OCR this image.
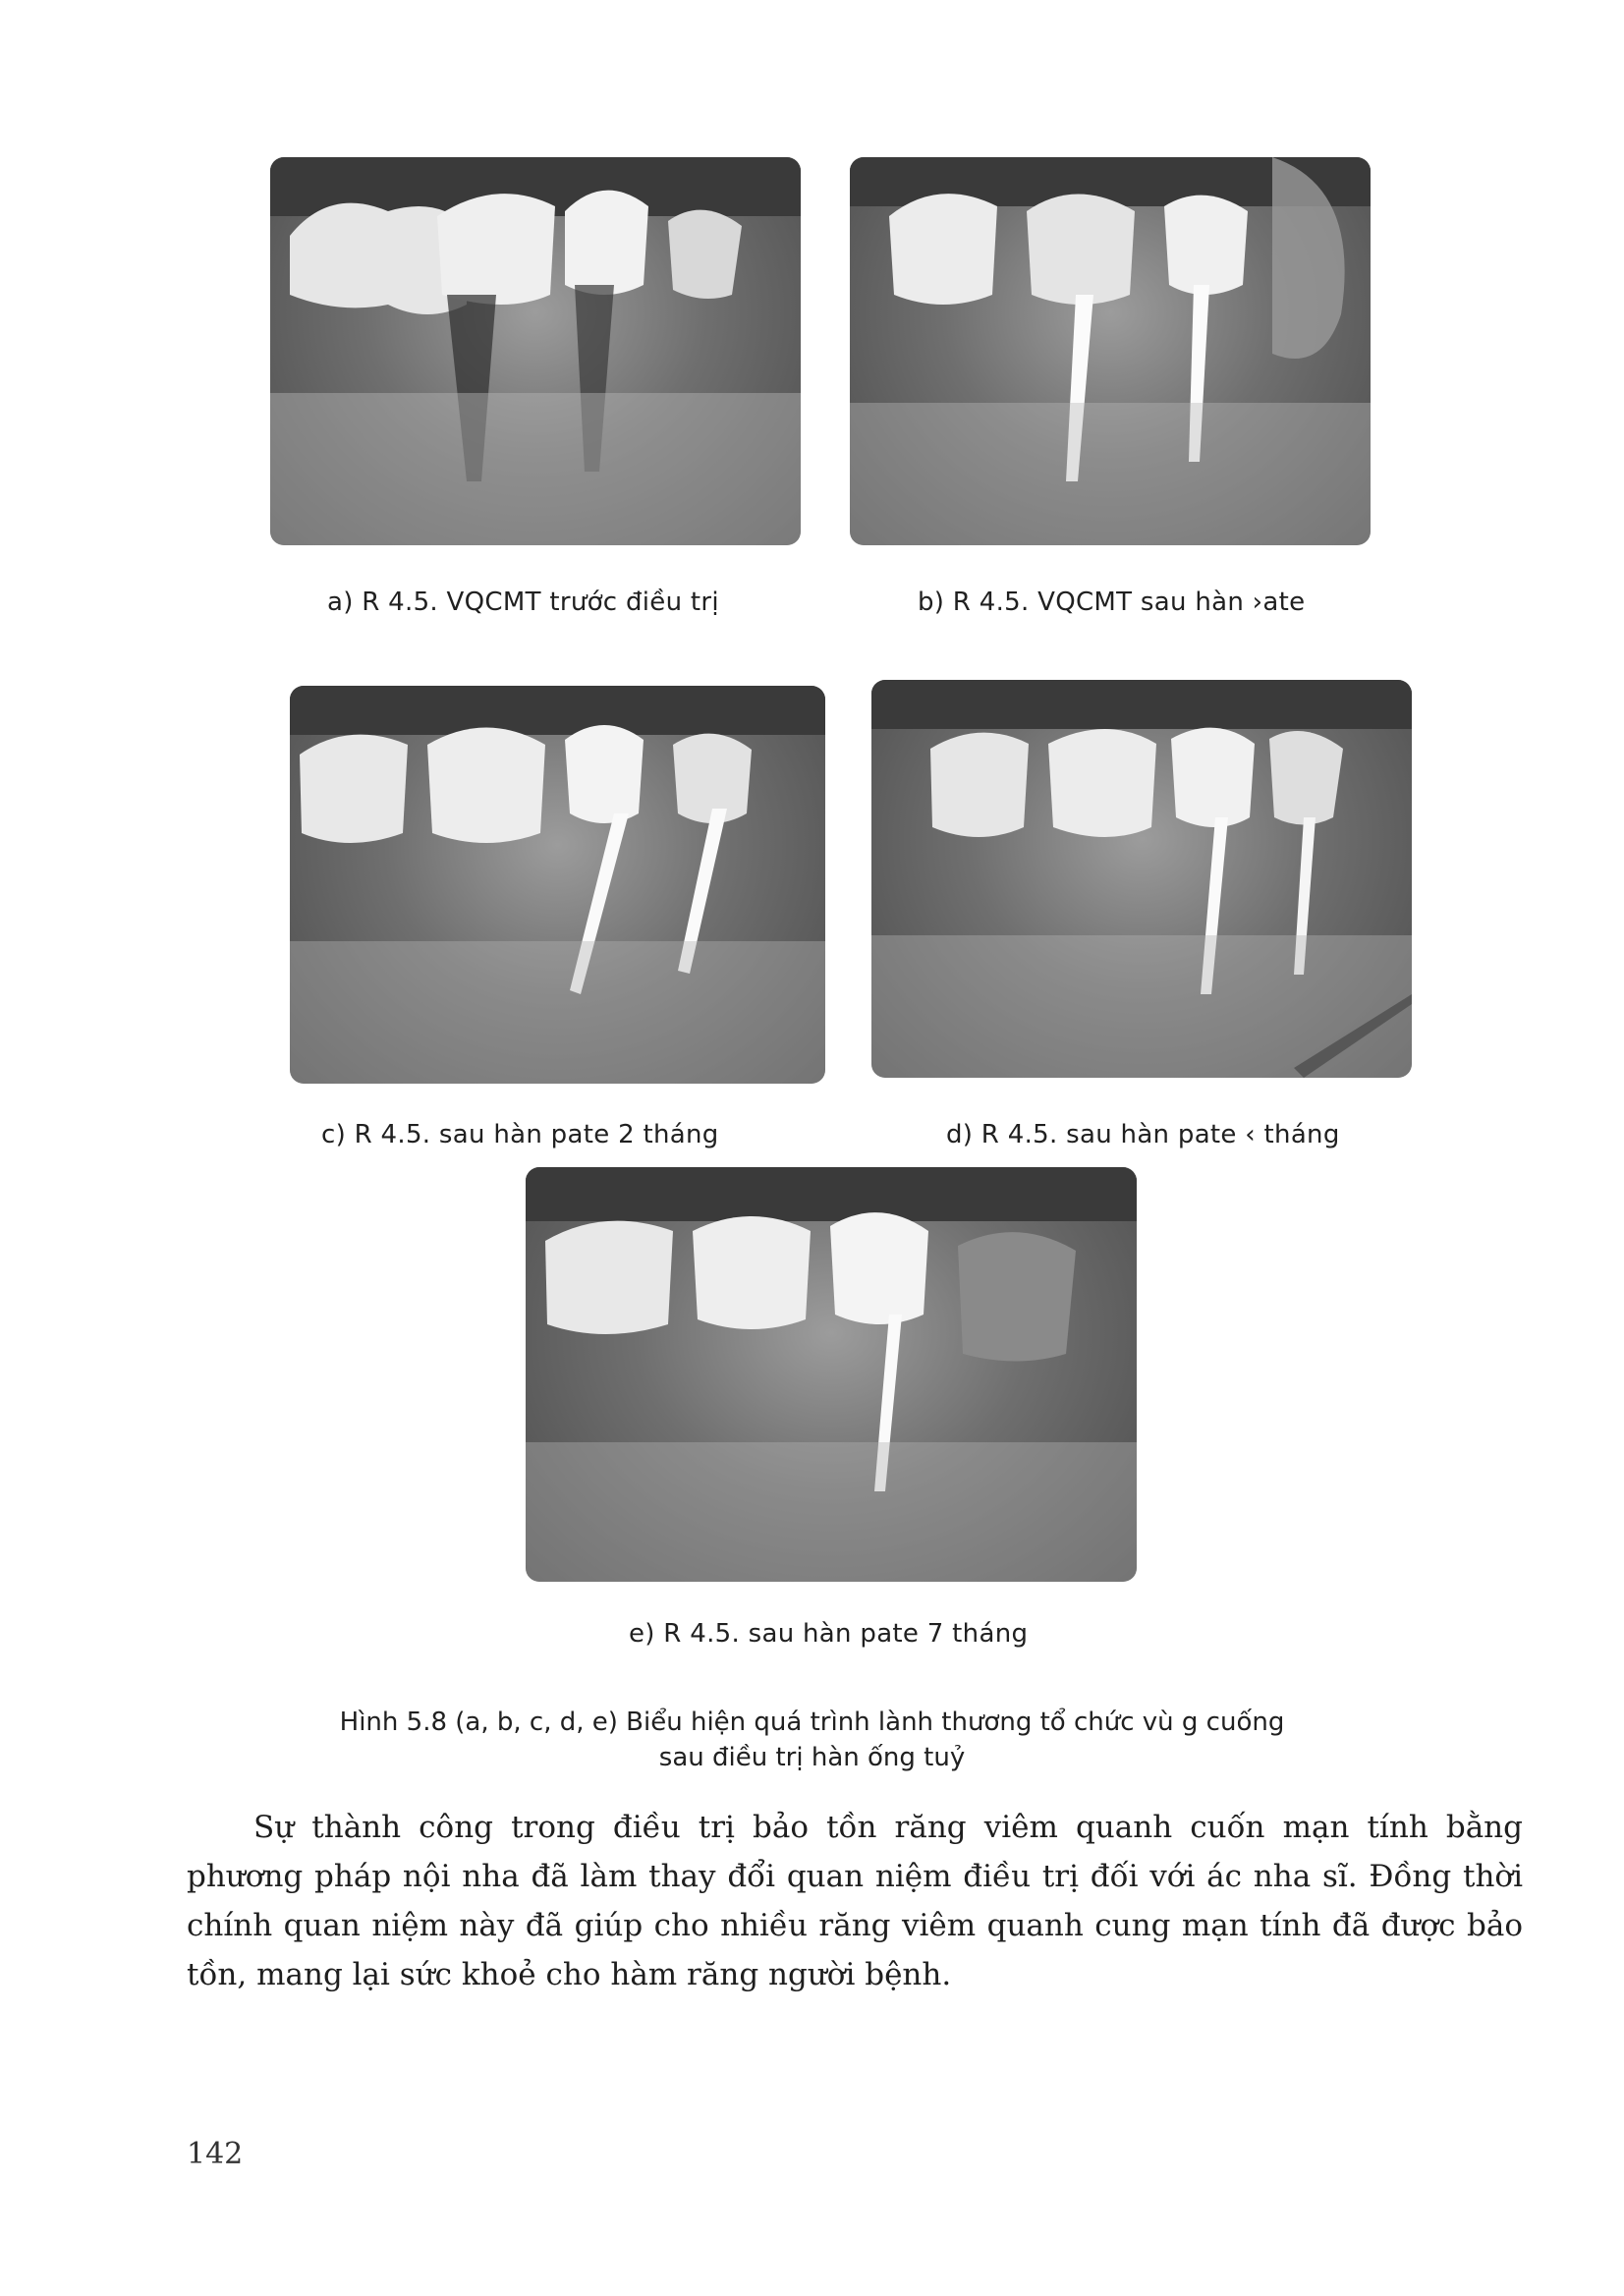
a) R 4.5. VQCMT trước điều trị	b) R 4.5. VQCMT sau hàn ›ate
c) R 4.5. sau hàn pate 2 tháng	d) R 4.5. sau hàn pate ‹ tháng
e) R 4.5. sau hàn pate 7 tháng
Hình 5.8 (a, b, c, d, e) Biểu hiện quá trình lành thương tổ chức vù g cuống
sau điều trị hàn ống tuỷ

Sự thành công trong điều trị bảo tồn răng viêm quanh cuốn mạn tính bằng phương pháp nội nha đã làm thay đổi quan niệm điều trị đối với ác nha sĩ. Đồng thời chính quan niệm này đã giúp cho nhiều răng viêm quanh cung mạn tính đã được bảo tồn, mang lại sức khoẻ cho hàm răng người bệnh.

142
